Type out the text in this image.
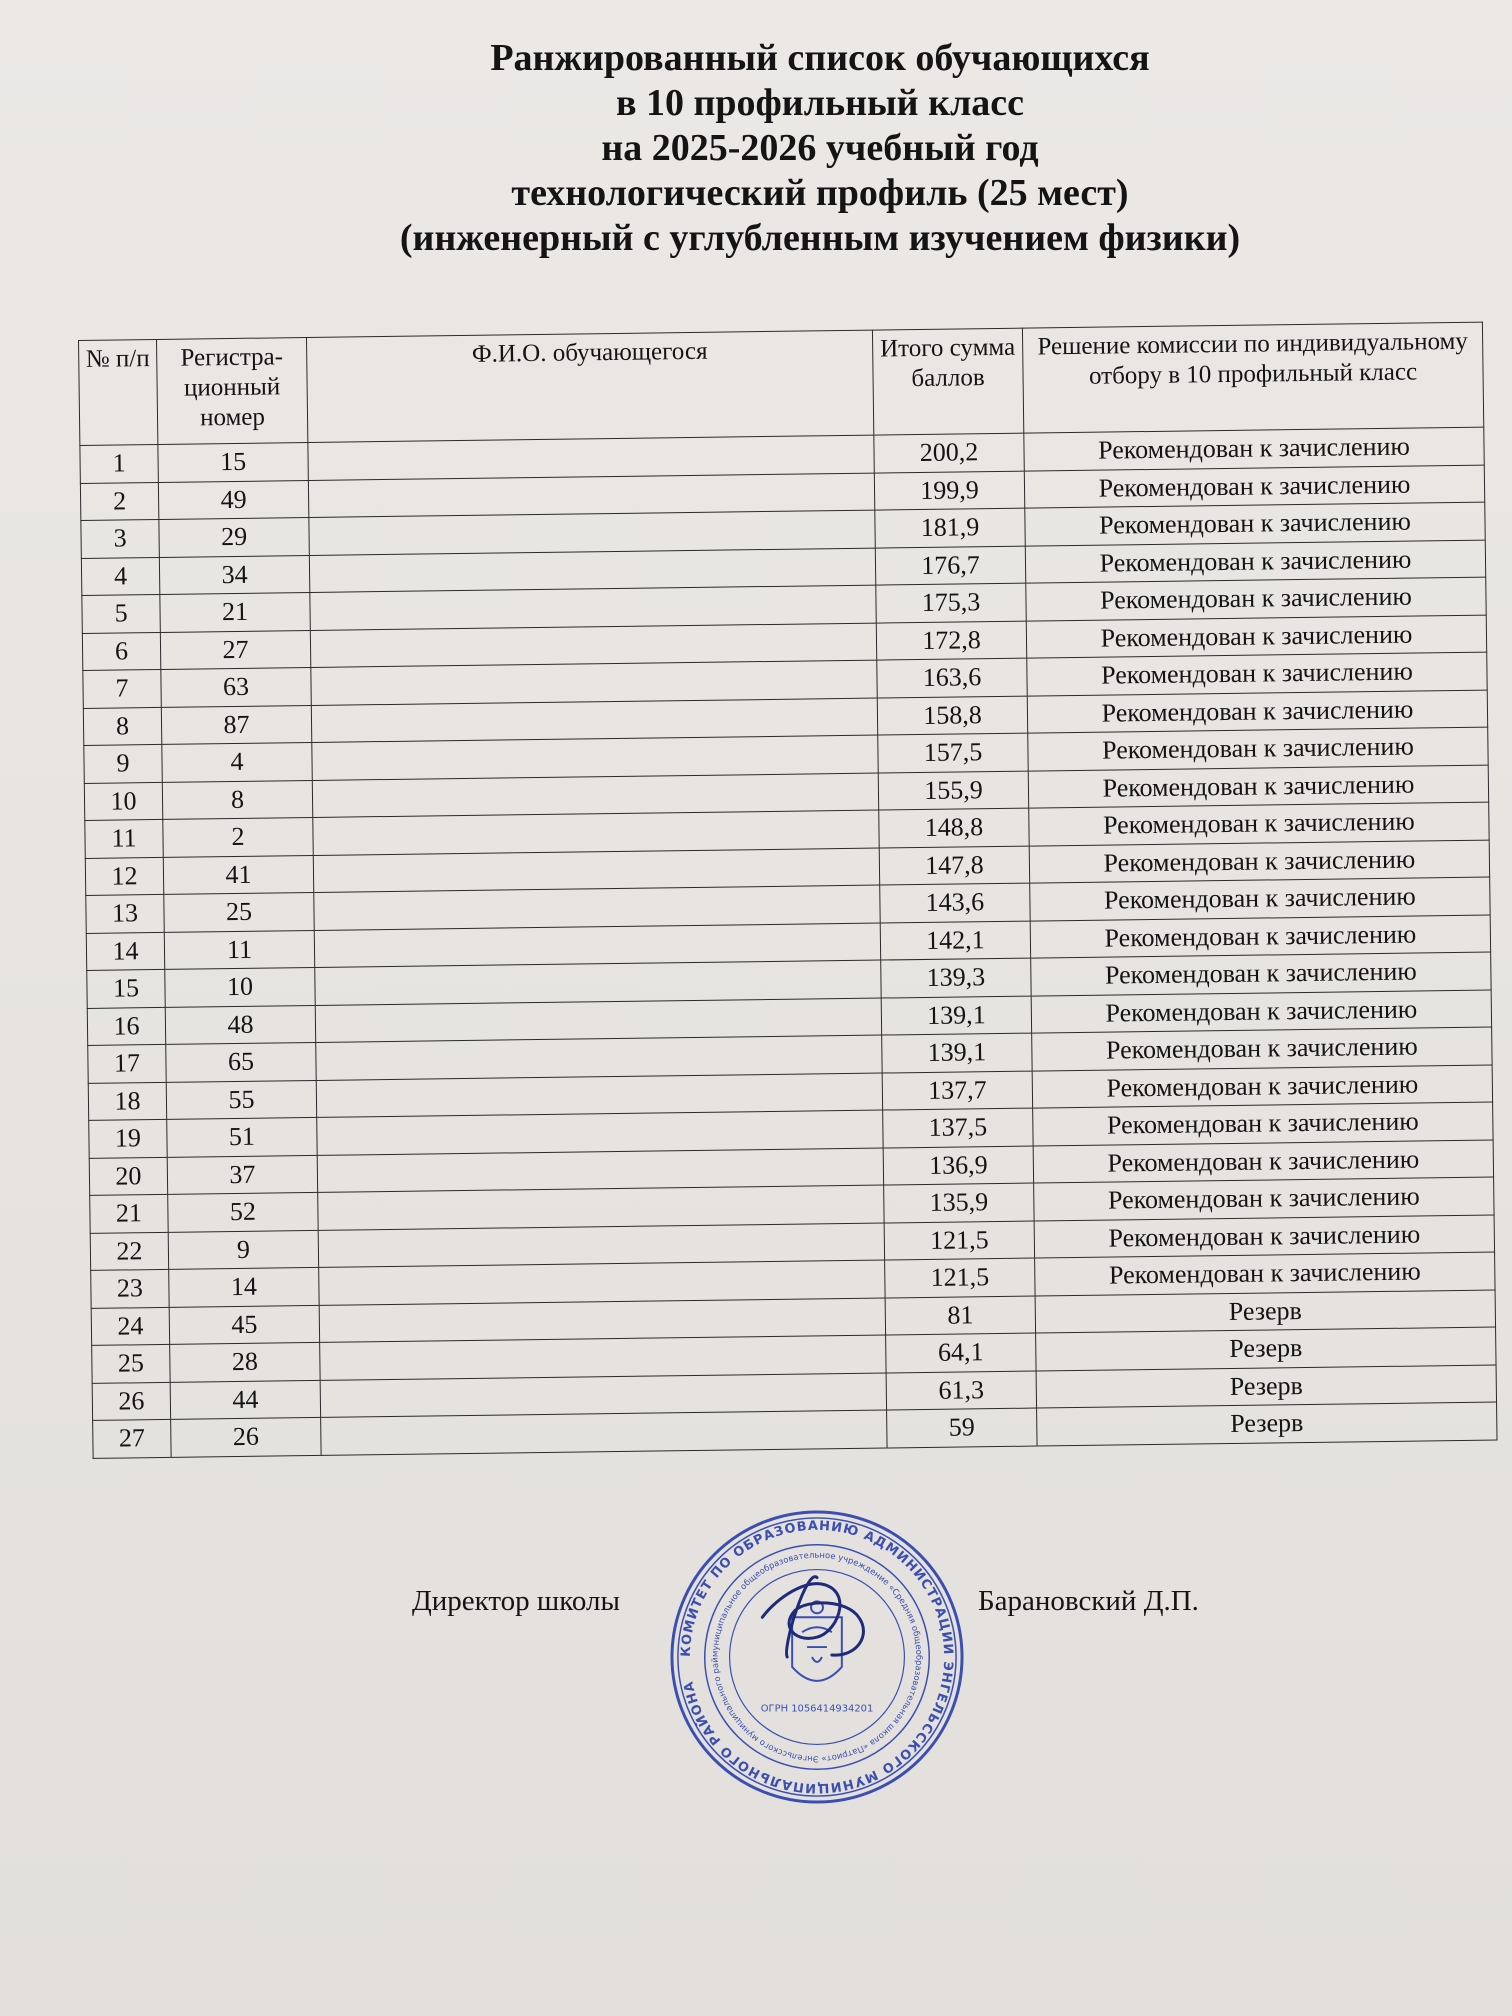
Ранжированный список обучающихся
в 10 профильный класс
на 2025-2026 учебный год
технологический профиль (25 мест)
(инженерный с углубленным изучением физики)
№ п/п	Регистра-ционный номер	Ф.И.О. обучающегося	Итого сумма баллов	Решение комиссии по индивидуальному отбору в 10 профильный класс
1	15		200,2	Рекомендован к зачислению
2	49		199,9	Рекомендован к зачислению
3	29		181,9	Рекомендован к зачислению
4	34		176,7	Рекомендован к зачислению
5	21		175,3	Рекомендован к зачислению
6	27		172,8	Рекомендован к зачислению
7	63		163,6	Рекомендован к зачислению
8	87		158,8	Рекомендован к зачислению
9	4		157,5	Рекомендован к зачислению
10	8		155,9	Рекомендован к зачислению
11	2		148,8	Рекомендован к зачислению
12	41		147,8	Рекомендован к зачислению
13	25		143,6	Рекомендован к зачислению
14	11		142,1	Рекомендован к зачислению
15	10		139,3	Рекомендован к зачислению
16	48		139,1	Рекомендован к зачислению
17	65		139,1	Рекомендован к зачислению
18	55		137,7	Рекомендован к зачислению
19	51		137,5	Рекомендован к зачислению
20	37		136,9	Рекомендован к зачислению
21	52		135,9	Рекомендован к зачислению
22	9		121,5	Рекомендован к зачислению
23	14		121,5	Рекомендован к зачислению
24	45		81	Резерв
25	28		64,1	Резерв
26	44		61,3	Резерв
27	26		59	Резерв
Директор школы	Барановский Д.П.
КОМИТЕТ ПО ОБРАЗОВАНИЮ АДМИНИСТРАЦИИ ЭНГЕЛЬССКОГО МУНИЦИПАЛЬНОГО РАЙОНА
муниципальное общеобразовательное учреждение «Средняя общеобразовательная школа «Патриот» Энгельсского муниципального рай
ОГРН 1056414934201
